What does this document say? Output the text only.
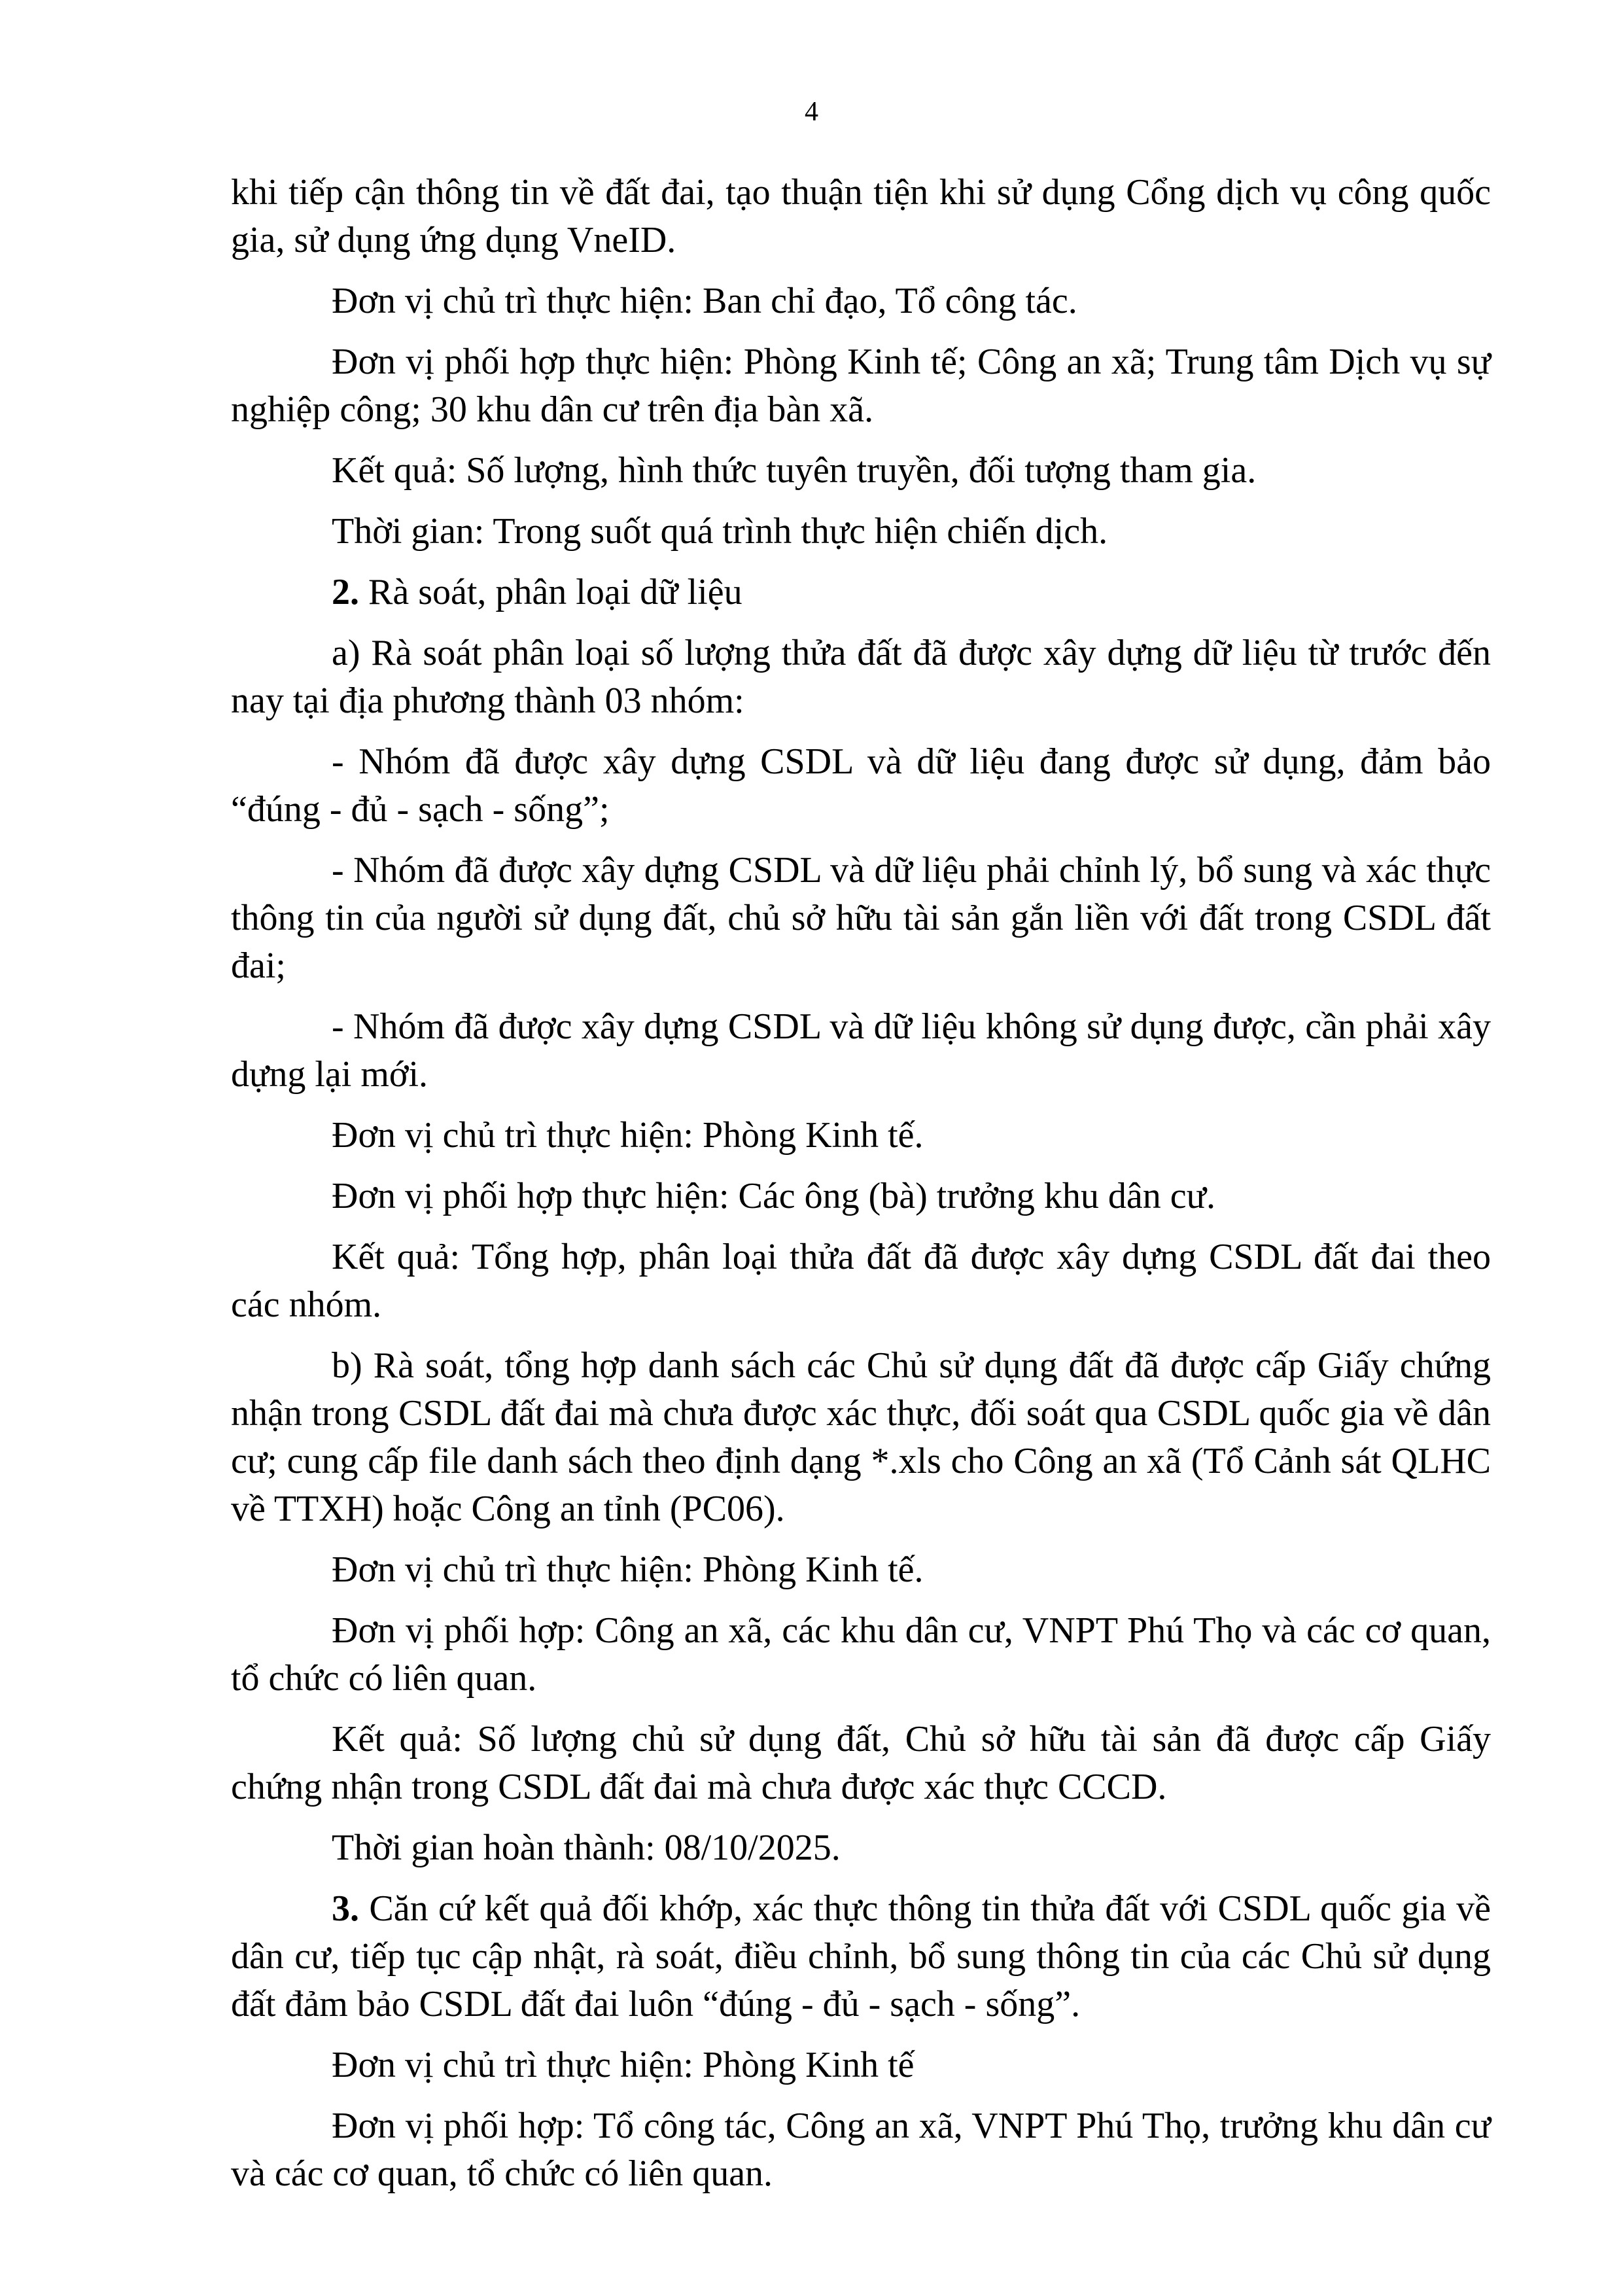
4

khi tiếp cận thông tin về đất đai, tạo thuận tiện khi sử dụng Cổng dịch vụ công quốc gia, sử dụng ứng dụng VneID.

Đơn vị chủ trì thực hiện: Ban chỉ đạo, Tổ công tác.

Đơn vị phối hợp thực hiện: Phòng Kinh tế; Công an xã; Trung tâm Dịch vụ sự nghiệp công; 30 khu dân cư trên địa bàn xã.

Kết quả: Số lượng, hình thức tuyên truyền, đối tượng tham gia.

Thời gian: Trong suốt quá trình thực hiện chiến dịch.

2. Rà soát, phân loại dữ liệu

a) Rà soát phân loại số lượng thửa đất đã được xây dựng dữ liệu từ trước đến nay tại địa phương thành 03 nhóm:

- Nhóm đã được xây dựng CSDL và dữ liệu đang được sử dụng, đảm bảo “đúng - đủ - sạch - sống”;

- Nhóm đã được xây dựng CSDL và dữ liệu phải chỉnh lý, bổ sung và xác thực thông tin của người sử dụng đất, chủ sở hữu tài sản gắn liền với đất trong CSDL đất đai;

- Nhóm đã được xây dựng CSDL và dữ liệu không sử dụng được, cần phải xây dựng lại mới.

Đơn vị chủ trì thực hiện: Phòng Kinh tế.

Đơn vị phối hợp thực hiện: Các ông (bà) trưởng khu dân cư.

Kết quả: Tổng hợp, phân loại thửa đất đã được xây dựng CSDL đất đai theo các nhóm.

b) Rà soát, tổng hợp danh sách các Chủ sử dụng đất đã được cấp Giấy chứng nhận trong CSDL đất đai mà chưa được xác thực, đối soát qua CSDL quốc gia về dân cư; cung cấp file danh sách theo định dạng *.xls cho Công an xã (Tổ Cảnh sát QLHC về TTXH) hoặc Công an tỉnh (PC06).

Đơn vị chủ trì thực hiện: Phòng Kinh tế.

Đơn vị phối hợp: Công an xã, các khu dân cư, VNPT Phú Thọ và các cơ quan, tổ chức có liên quan.

Kết quả: Số lượng chủ sử dụng đất, Chủ sở hữu tài sản đã được cấp Giấy chứng nhận trong CSDL đất đai mà chưa được xác thực CCCD.

Thời gian hoàn thành: 08/10/2025.

3. Căn cứ kết quả đối khớp, xác thực thông tin thửa đất với CSDL quốc gia về dân cư, tiếp tục cập nhật, rà soát, điều chỉnh, bổ sung thông tin của các Chủ sử dụng đất đảm bảo CSDL đất đai luôn “đúng - đủ - sạch - sống”.

Đơn vị chủ trì thực hiện: Phòng Kinh tế

Đơn vị phối hợp: Tổ công tác, Công an xã, VNPT Phú Thọ, trưởng khu dân cư và các cơ quan, tổ chức có liên quan.
